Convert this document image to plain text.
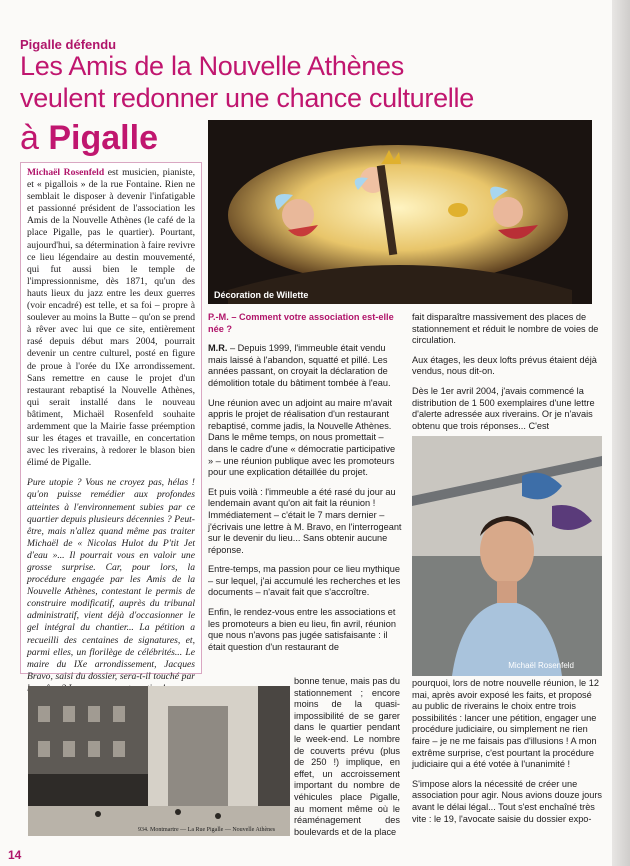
Pigalle défendu
Les Amis de la Nouvelle Athènes
veulent redonner une chance culturelle
à Pigalle

Michaël Rosenfeld est musicien, pianiste, et « pigallois » de la rue Fontaine. Rien ne semblait le disposer à devenir l'infatigable et passionné président de l'association les Amis de la Nouvelle Athènes (le café de la place Pigalle, pas le quartier). Pourtant, aujourd'hui, sa détermination à faire revivre ce lieu légendaire au destin mouvementé, qui fut aussi bien le temple de l'impressionnisme, dès 1871, qu'un des hauts lieux du jazz entre les deux guerres (voir encadré) est telle, et sa foi – propre à soulever au moins la Butte – qu'on se prend à rêver avec lui que ce site, entièrement rasé depuis début mars 2004, pourrait devenir un centre culturel, posté en figure de proue à l'orée du IXe arrondissement. Sans remettre en cause le projet d'un restaurant rebaptisé la Nouvelle Athènes, qui serait installé dans le nouveau bâtiment, Michaël Rosenfeld souhaite ardemment que la Mairie fasse préemption sur les étages et travaille, en concertation avec les riverains, à redorer le blason bien élimé de Pigalle.

Pure utopie ? Vous ne croyez pas, hélas ! qu'on puisse remédier aux profondes atteintes à l'environnement subies par ce quartier depuis plusieurs décennies ? Peut-être, mais n'allez quand même pas traiter Michaël de « Nicolas Hulot du P'tit Jet d'eau »... Il pourrait vous en valoir une grosse surprise. Car, pour lors, la procédure engagée par les Amis de la Nouvelle Athènes, contestant le permis de construire modificatif, auprès du tribunal administratif, vient déjà d'occasionner le gel intégral du chantier... La pétition a recueilli des centaines de signatures, et, parmi elles, un florilège de célébrités... Le maire du IXe arrondissement, Jacques Bravo, saisi du dossier, sera-t-il touché par

Décoration de Willette

P.-M. – Comment votre association est-elle née ?

M.R. – Depuis 1999, l'immeuble était vendu mais laissé à l'abandon, squatté et pillé. Les années passant, on croyait la déclaration de démolition totale du bâtiment tombée à l'eau.

Une réunion avec un adjoint au maire m'avait appris le projet de réalisation d'un restaurant rebaptisé, comme jadis, la Nouvelle Athènes. Dans le même temps, on nous promettait – dans le cadre d'une « démocratie participative » – une réunion publique avec les promoteurs pour une explication détaillée du projet.

Et puis voilà : l'immeuble a été rasé du jour au lendemain avant qu'on ait fait la réunion ! Immédiatement – c'était le 7 mars dernier – j'écrivais une lettre à M. Bravo, en l'interrogeant sur le devenir du lieu... Sans obtenir aucune réponse.

Entre-temps, ma passion pour ce lieu mythique – sur lequel, j'ai accumulé les recherches et les documents – n'avait fait que s'accroître.

Enfin, le rendez-vous entre les associations et les promoteurs a bien eu lieu, fin avril, réunion que nous n'avons pas jugée satisfaisante : il était question d'un restaurant de

fait disparaître massivement des places de stationnement et réduit le nombre de voies de circulation.

Aux étages, les deux lofts prévus étaient déjà vendus, nous dit-on.

Dès le 1er avril 2004, j'avais commencé la distribution de 1 500 exemplaires d'une lettre d'alerte adressée aux riverains. Or je n'avais obtenu que trois réponses... C'est

Michaël Rosenfeld
934. Montmartre — La Rue Pigalle — Nouvelle Athènes

bonne tenue, mais pas du stationnement ; encore moins de la quasi-impossibilité de se garer dans le quartier pendant le week-end. Le nombre de couverts prévu (plus de 250 !) implique, en effet, un accroissement important du nombre de véhicules place Pigalle, au moment même où le réaménagement des boulevards et de la place

pourquoi, lors de notre nouvelle réunion, le 12 mai, après avoir exposé les faits, et proposé au public de riverains le choix entre trois possibilités : lancer une pétition, engager une procédure judiciaire, ou simplement ne rien faire – je ne me faisais pas d'illusions ! A mon extrême surprise, c'est pourtant la procédure judiciaire qui a été votée à l'unanimité !

S'impose alors la nécessité de créer une association pour agir. Nous avions douze jours avant le délai légal... Tout s'est enchaîné très vite : le 19, l'avocate saisie du dossier expo-

14
